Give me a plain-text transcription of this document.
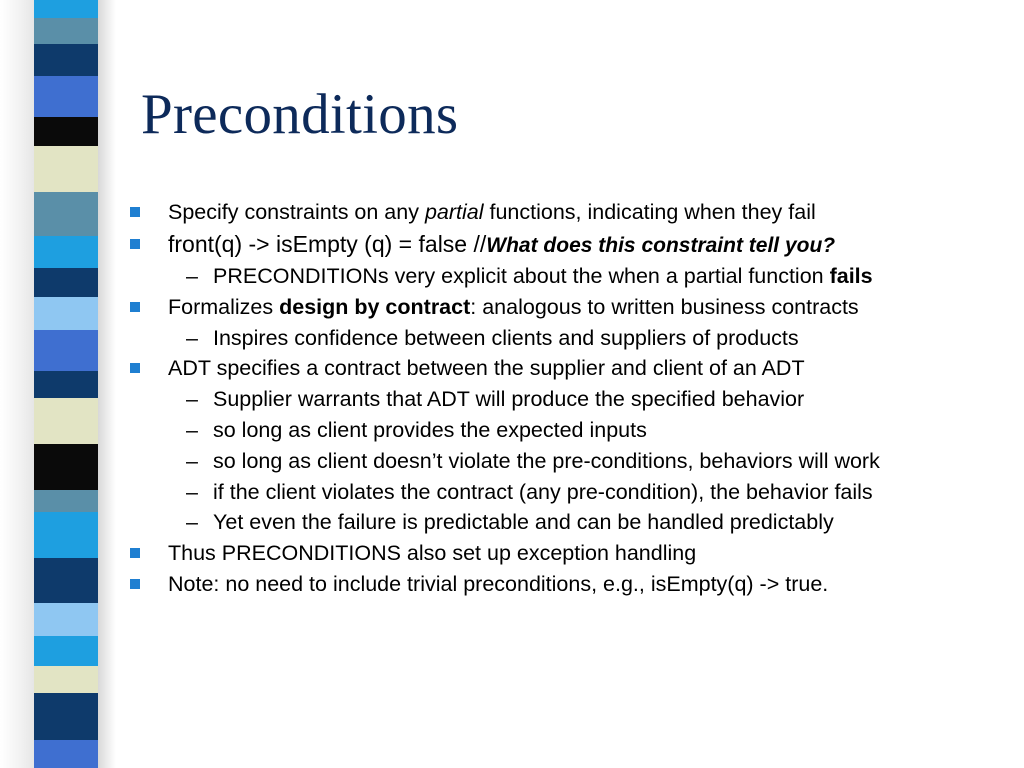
Preconditions
Specify constraints on any partial functions, indicating when they fail
front(q) -> isEmpty (q) = false //What does this constraint tell you?
– PRECONDITIONs very explicit about the when a partial function fails
Formalizes design by contract: analogous to written business contracts
– Inspires confidence between clients and suppliers of products
ADT specifies a contract between the supplier and client of an ADT
– Supplier warrants that ADT will produce the specified behavior
– so long as client provides the expected inputs
– so long as client doesn’t violate the pre-conditions, behaviors will work
– if the client violates the contract (any pre-condition), the behavior fails
– Yet even the failure is predictable and can be handled predictably
Thus PRECONDITIONS also set up exception handling
Note: no need to include trivial preconditions, e.g., isEmpty(q) -> true.
